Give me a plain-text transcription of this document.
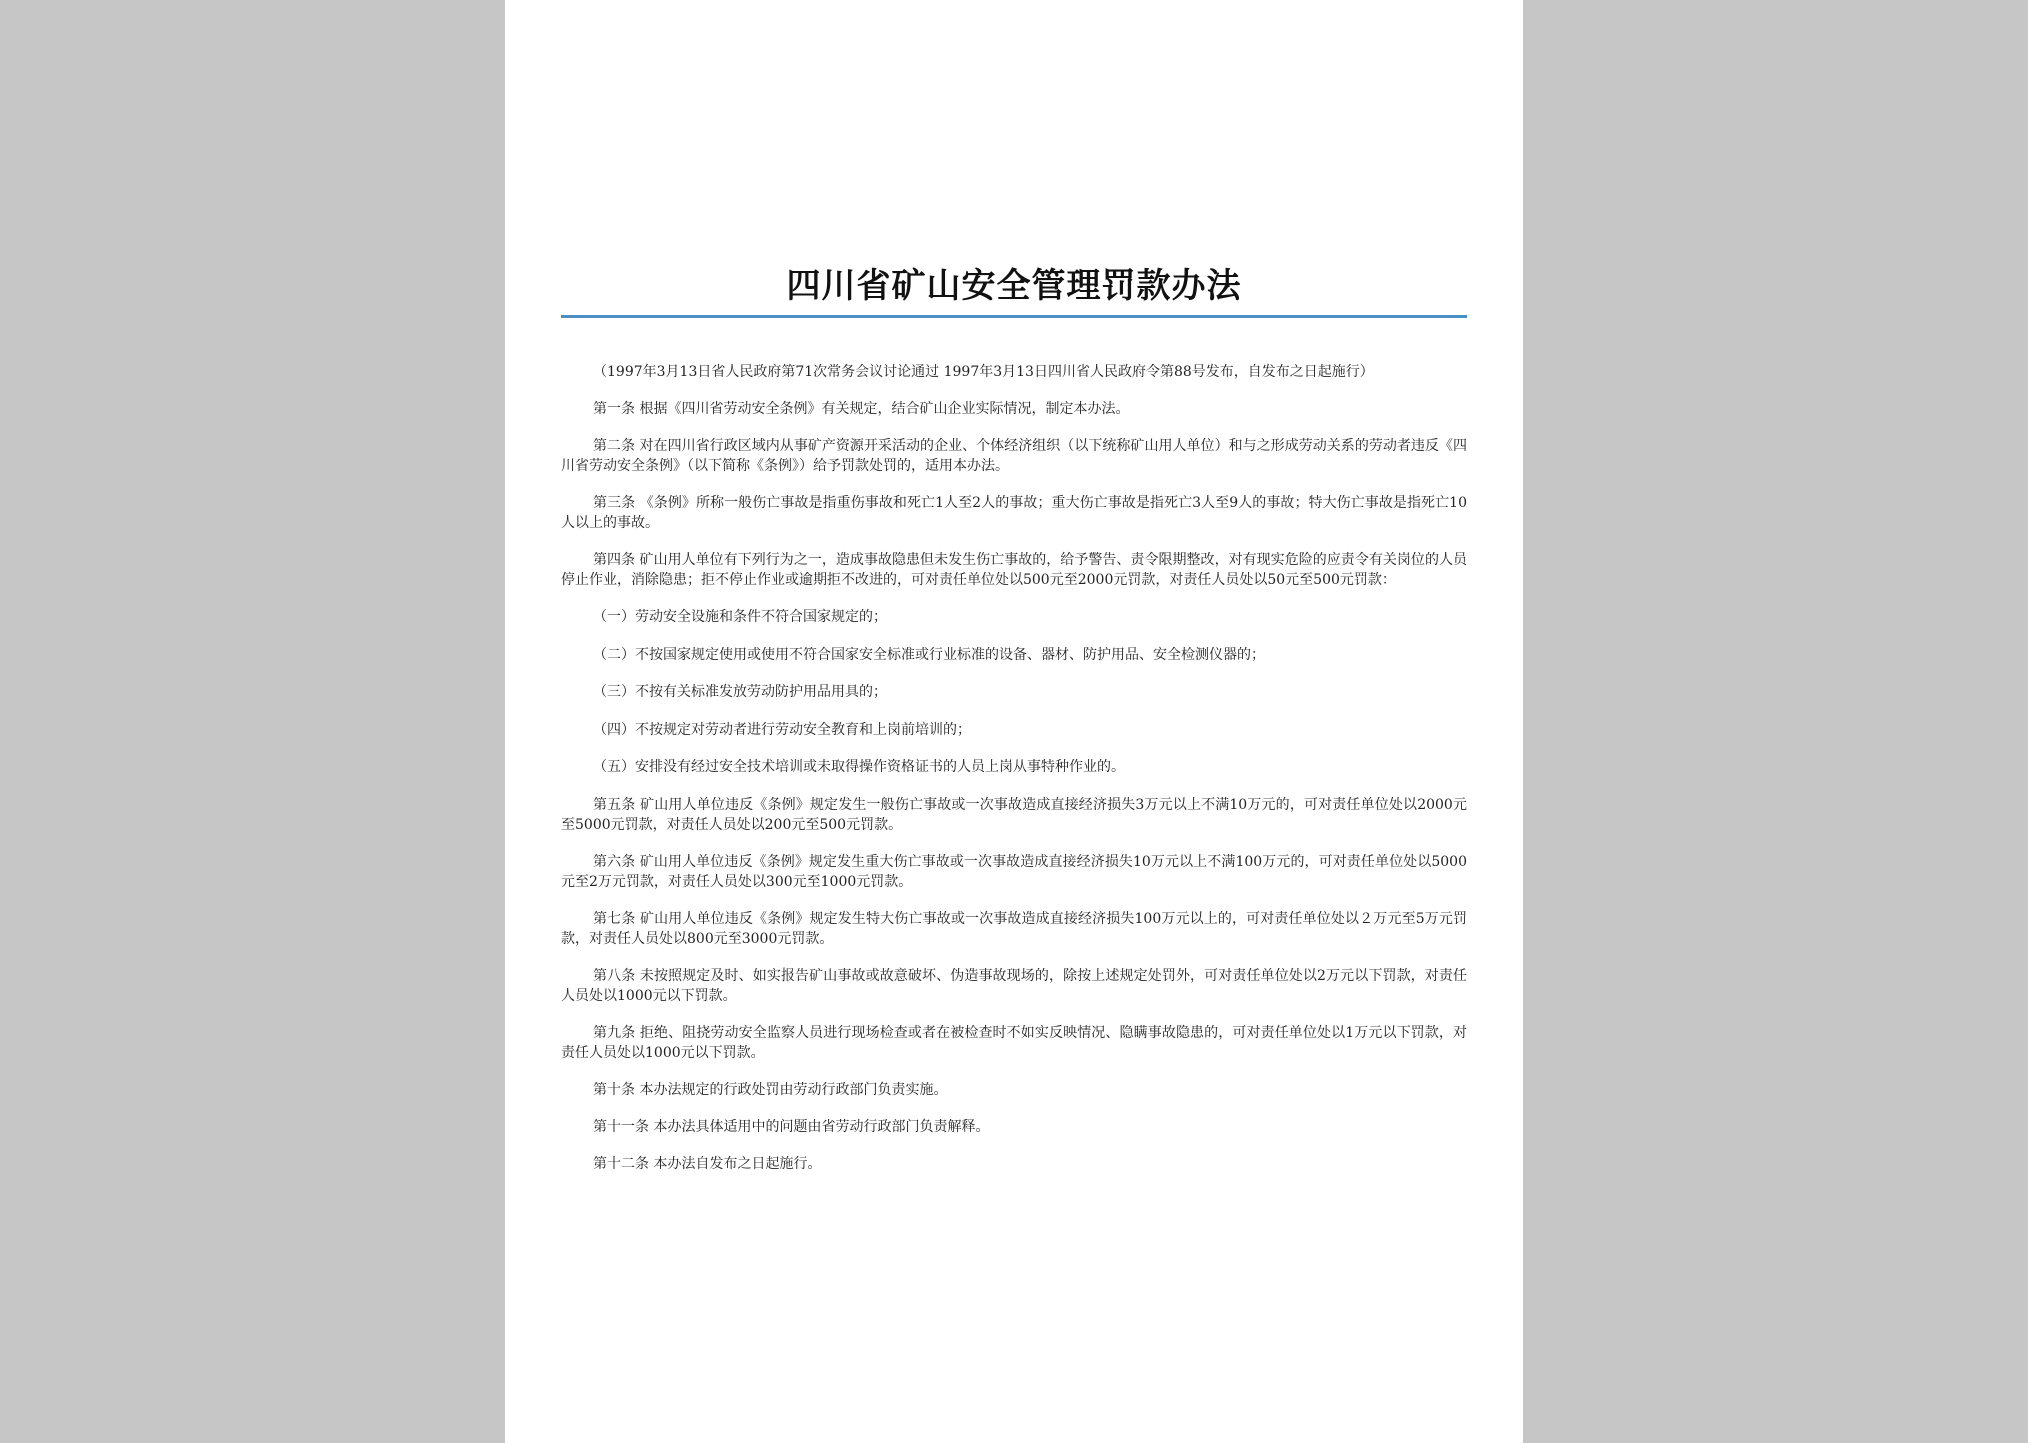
四川省矿山安全管理罚款办法

（1997年3月13日省人民政府第71次常务会议讨论通过 1997年3月13日四川省人民政府令第88号发布，自发布之日起施行）

第一条 根据《四川省劳动安全条例》有关规定，结合矿山企业实际情况，制定本办法。

第二条 对在四川省行政区域内从事矿产资源开采活动的企业、个体经济组织（以下统称矿山用人单位）和与之形成劳动关系的劳动者违反《四川省劳动安全条例》（以下简称《条例》）给予罚款处罚的，适用本办法。

第三条 《条例》所称一般伤亡事故是指重伤事故和死亡1人至2人的事故；重大伤亡事故是指死亡3人至9人的事故；特大伤亡事故是指死亡10人以上的事故。

第四条 矿山用人单位有下列行为之一，造成事故隐患但未发生伤亡事故的，给予警告、责令限期整改，对有现实危险的应责令有关岗位的人员停止作业，消除隐患；拒不停止作业或逾期拒不改进的，可对责任单位处以500元至2000元罚款，对责任人员处以50元至500元罚款：

（一）劳动安全设施和条件不符合国家规定的；

（二）不按国家规定使用或使用不符合国家安全标准或行业标准的设备、器材、防护用品、安全检测仪器的；

（三）不按有关标准发放劳动防护用品用具的；

（四）不按规定对劳动者进行劳动安全教育和上岗前培训的；

（五）安排没有经过安全技术培训或未取得操作资格证书的人员上岗从事特种作业的。

第五条 矿山用人单位违反《条例》规定发生一般伤亡事故或一次事故造成直接经济损失3万元以上不满10万元的，可对责任单位处以2000元至5000元罚款，对责任人员处以200元至500元罚款。

第六条 矿山用人单位违反《条例》规定发生重大伤亡事故或一次事故造成直接经济损失10万元以上不满100万元的，可对责任单位处以5000元至2万元罚款，对责任人员处以300元至1000元罚款。

第七条 矿山用人单位违反《条例》规定发生特大伤亡事故或一次事故造成直接经济损失100万元以上的，可对责任单位处以２万元至5万元罚款，对责任人员处以800元至3000元罚款。

第八条 未按照规定及时、如实报告矿山事故或故意破坏、伪造事故现场的，除按上述规定处罚外，可对责任单位处以2万元以下罚款，对责任人员处以1000元以下罚款。

第九条 拒绝、阻挠劳动安全监察人员进行现场检查或者在被检查时不如实反映情况、隐瞒事故隐患的，可对责任单位处以1万元以下罚款，对责任人员处以1000元以下罚款。

第十条 本办法规定的行政处罚由劳动行政部门负责实施。

第十一条 本办法具体适用中的问题由省劳动行政部门负责解释。

第十二条 本办法自发布之日起施行。
